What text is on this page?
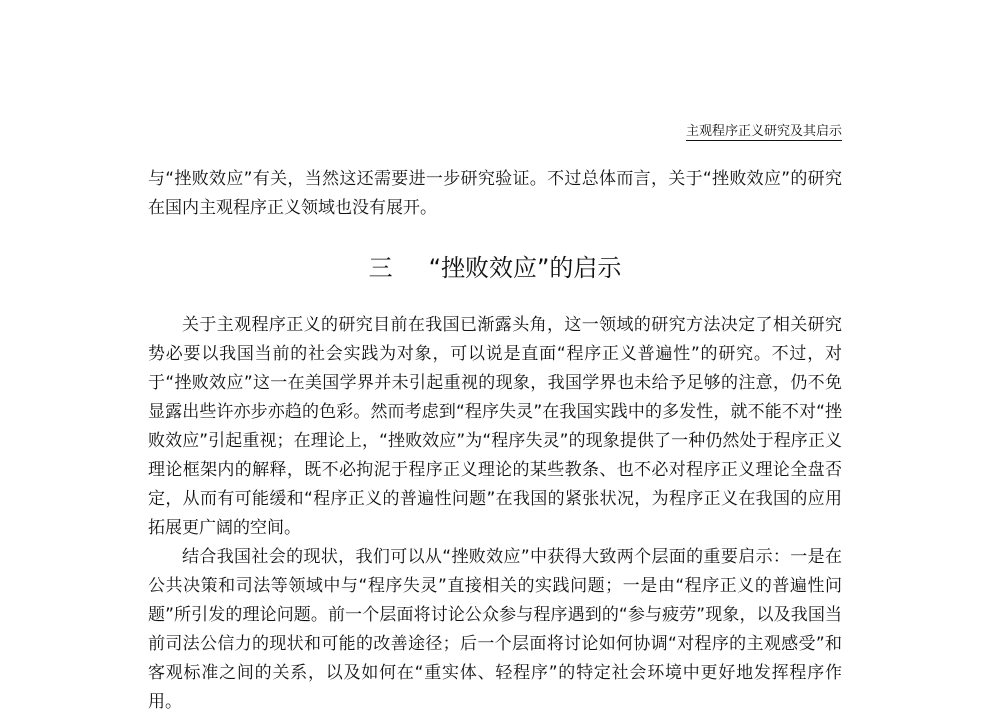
主观程序正义研究及其启示

与“挫败效应”有关，当然这还需要进一步研究验证。不过总体而言，关于“挫败效应”的研究在国内主观程序正义领域也没有展开。

三 “挫败效应”的启示

关于主观程序正义的研究目前在我国已渐露头角，这一领域的研究方法决定了相关研究势必要以我国当前的社会实践为对象，可以说是直面“程序正义普遍性”的研究。不过，对于“挫败效应”这一在美国学界并未引起重视的现象，我国学界也未给予足够的注意，仍不免显露出些许亦步亦趋的色彩。然而考虑到“程序失灵”在我国实践中的多发性，就不能不对“挫败效应”引起重视；在理论上，“挫败效应”为“程序失灵”的现象提供了一种仍然处于程序正义理论框架内的解释，既不必拘泥于程序正义理论的某些教条、也不必对程序正义理论全盘否定，从而有可能缓和“程序正义的普遍性问题”在我国的紧张状况，为程序正义在我国的应用拓展更广阔的空间。

结合我国社会的现状，我们可以从“挫败效应”中获得大致两个层面的重要启示：一是在公共决策和司法等领域中与“程序失灵”直接相关的实践问题；一是由“程序正义的普遍性问题”所引发的理论问题。前一个层面将讨论公众参与程序遇到的“参与疲劳”现象，以及我国当前司法公信力的现状和可能的改善途径；后一个层面将讨论如何协调“对程序的主观感受”和客观标准之间的关系，以及如何在“重实体、轻程序”的特定社会环境中更好地发挥程序作用。
